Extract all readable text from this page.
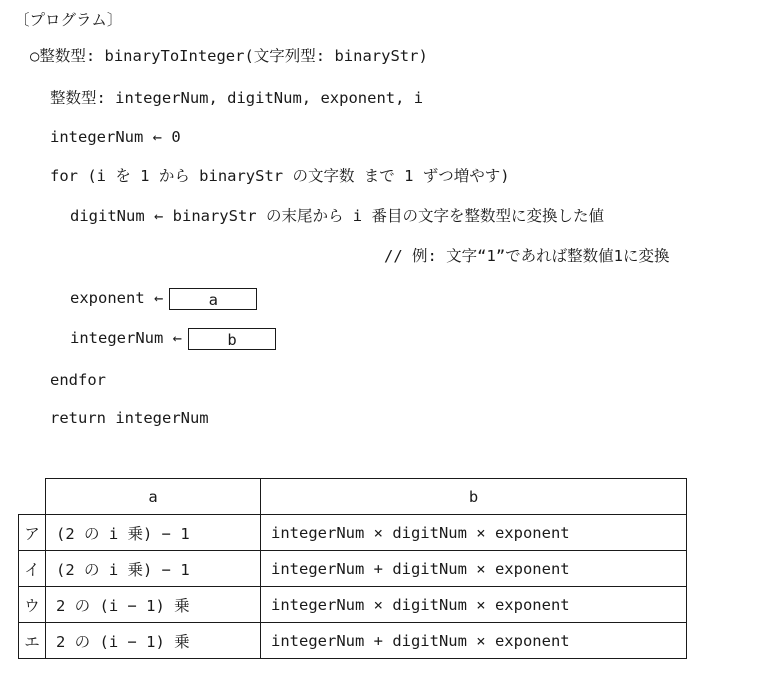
〔プログラム〕
○整数型: binaryToInteger(文字列型: binaryStr)
整数型: integerNum, digitNum, exponent, i
integerNum ← 0
for (i を 1 から binaryStr の文字数 まで 1 ずつ増やす)
digitNum ← binaryStr の末尾から i 番目の文字を整数型に変換した値
// 例: 文字“1”であれば整数値1に変換
exponent ←	a
integerNum ←	b
endfor
return integerNum
	a	b
ア	(2 の i 乗) − 1	integerNum × digitNum × exponent
イ	(2 の i 乗) − 1	integerNum + digitNum × exponent
ウ	2 の (i − 1) 乗	integerNum × digitNum × exponent
エ	2 の (i − 1) 乗	integerNum + digitNum × exponent
